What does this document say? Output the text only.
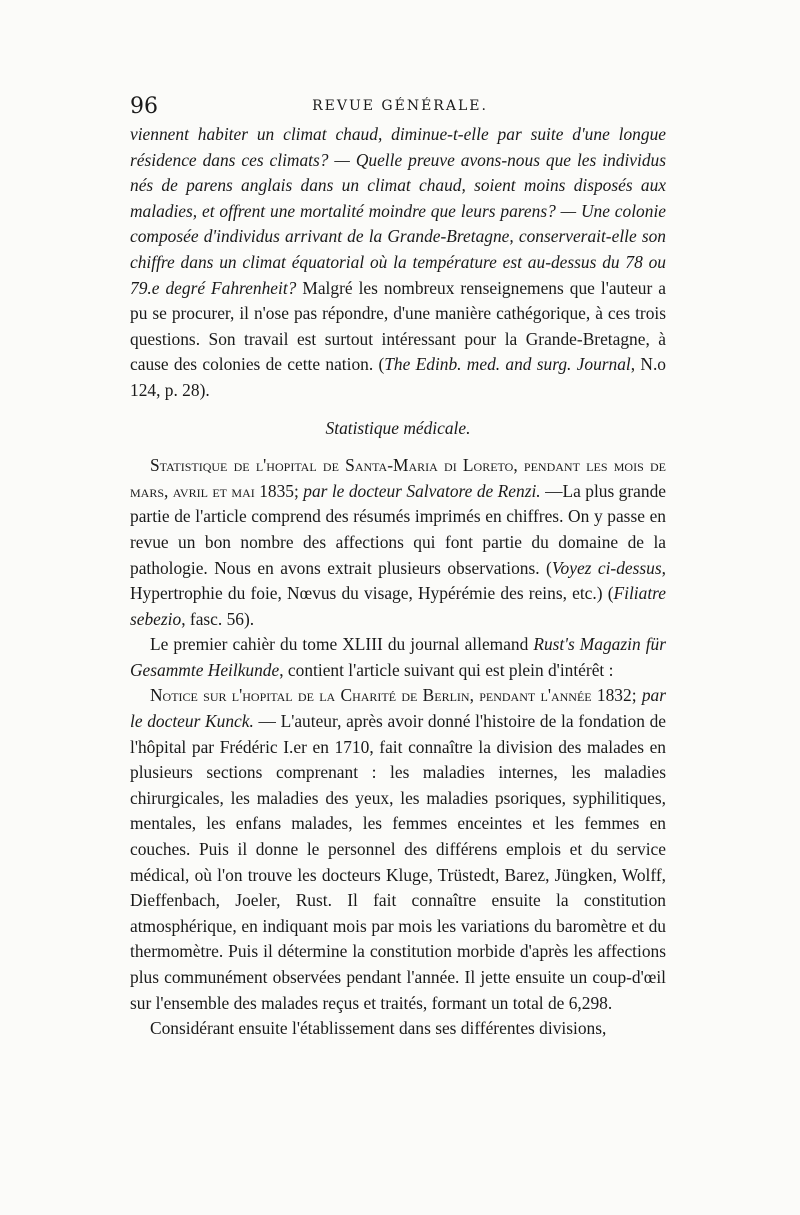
96	REVUE GÉNÉRALE.

viennent habiter un climat chaud, diminue-t-elle par suite d'une longue résidence dans ces climats? — Quelle preuve avons-nous que les individus nés de parens anglais dans un climat chaud, soient moins disposés aux maladies, et offrent une mortalité moindre que leurs parens? — Une colonie composée d'individus arrivant de la Grande-Bretagne, conserverait-elle son chiffre dans un climat équatorial où la température est au-dessus du 78 ou 79.e degré Fahrenheit? Malgré les nombreux renseignemens que l'auteur a pu se procurer, il n'ose pas répondre, d'une manière cathégorique, à ces trois questions. Son travail est surtout intéressant pour la Grande-Bretagne, à cause des colonies de cette nation. (The Edinb. med. and surg. Journal, N.o 124, p. 28).

Statistique médicale.

Statistique de l'hopital de Santa-Maria di Loreto, pendant les mois de mars, avril et mai 1835; par le docteur Salvatore de Renzi. —La plus grande partie de l'article comprend des résumés imprimés en chiffres. On y passe en revue un bon nombre des affections qui font partie du domaine de la pathologie. Nous en avons extrait plusieurs observations. (Voyez ci-dessus, Hypertrophie du foie, Nœvus du visage, Hypérémie des reins, etc.) (Filiatre sebezio, fasc. 56).

Le premier cahièr du tome XLIII du journal allemand Rust's Magazin für Gesammte Heilkunde, contient l'article suivant qui est plein d'intérêt :

Notice sur l'hopital de la Charité de Berlin, pendant l'année 1832; par le docteur Kunck. — L'auteur, après avoir donné l'histoire de la fondation de l'hôpital par Frédéric I.er en 1710, fait connaître la division des malades en plusieurs sections comprenant : les maladies internes, les maladies chirurgicales, les maladies des yeux, les maladies psoriques, syphilitiques, mentales, les enfans malades, les femmes enceintes et les femmes en couches. Puis il donne le personnel des différens emplois et du service médical, où l'on trouve les docteurs Kluge, Trüstedt, Barez, Jüngken, Wolff, Dieffenbach, Joeler, Rust. Il fait connaître ensuite la constitution atmosphérique, en indiquant mois par mois les variations du baromètre et du thermomètre. Puis il détermine la constitution morbide d'après les affections plus communément observées pendant l'année. Il jette ensuite un coup-d'œil sur l'ensemble des malades reçus et traités, formant un total de 6,298.

Considérant ensuite l'établissement dans ses différentes divisions,
